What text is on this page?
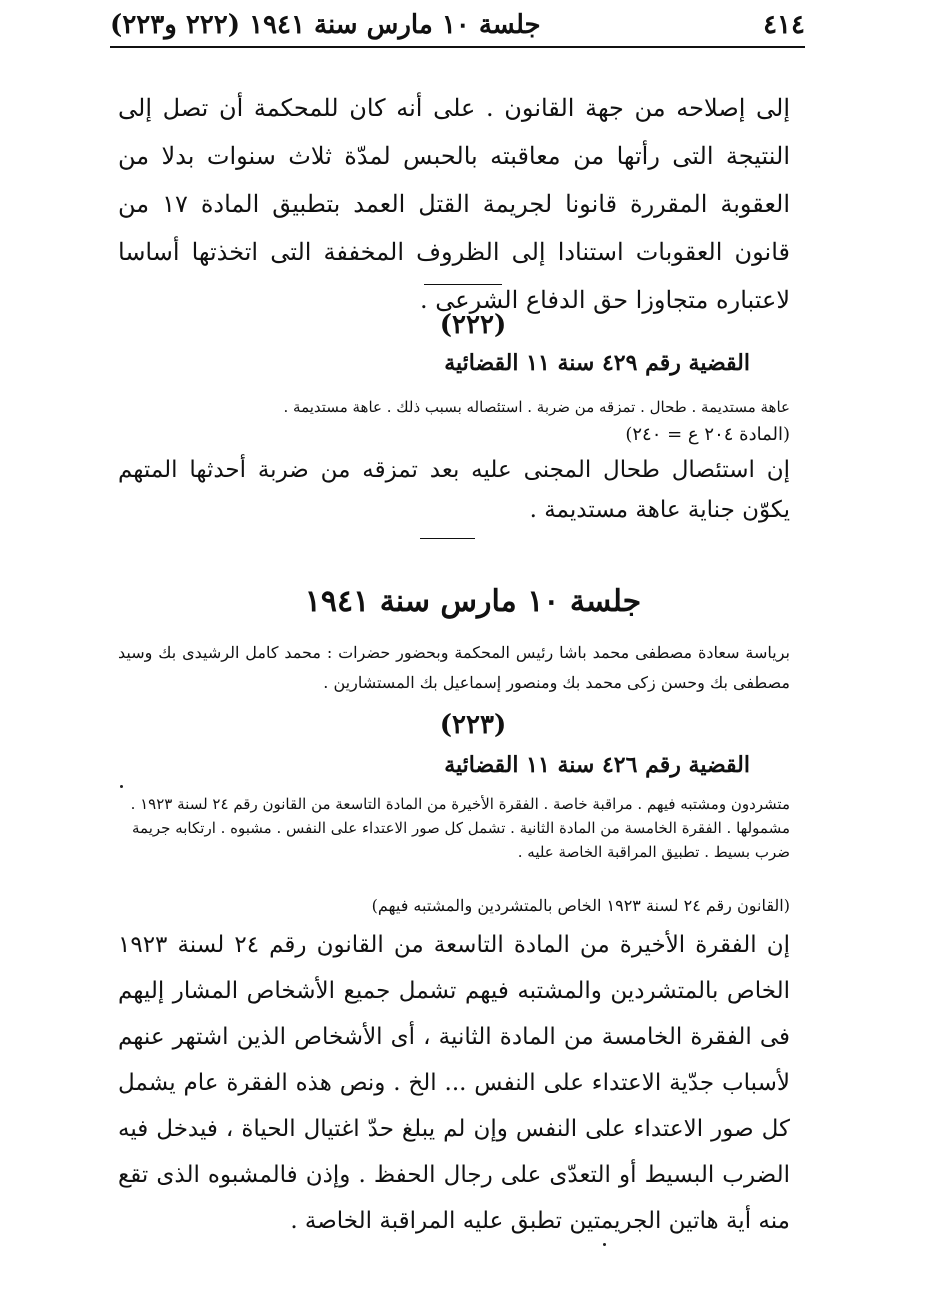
٤١٤
جلسة ١٠ مارس سنة ١٩٤١ (٢٢٢ و٢٢٣)
إلى إصلاحه من جهة القانون . على أنه كان للمحكمة أن تصل إلى النتيجة التى رأتها من معاقبته بالحبس لمدّة ثلاث سنوات بدلا من العقوبة المقررة قانونا لجريمة القتل العمد بتطبيق المادة ١٧ من قانون العقوبات استنادا إلى الظروف المخففة التى اتخذتها أساسا لاعتباره متجاوزا حق الدفاع الشرعى .
(٢٢٢)
القضية رقم ٤٢٩ سنة ١١ القضائية
عاهة مستديمة . طحال . تمزقه من ضربة . استئصاله بسبب ذلك . عاهة مستديمة .
(المادة ٢٠٤ ع = ٢٤٠)
إن استئصال طحال المجنى عليه بعد تمزقه من ضربة أحدثها المتهم يكوّن جناية عاهة مستديمة .
جلسة ١٠ مارس سنة ١٩٤١
برياسة سعادة مصطفى محمد باشا رئيس المحكمة وبحضور حضرات : محمد كامل الرشيدى بك وسيد مصطفى بك وحسن زكى محمد بك ومنصور إسماعيل بك المستشارين .
(٢٢٣)
القضية رقم ٤٢٦ سنة ١١ القضائية
متشردون ومشتبه فيهم . مراقبة خاصة . الفقرة الأخيرة من المادة التاسعة من القانون رقم ٢٤ لسنة ١٩٢٣ . مشمولها . الفقرة الخامسة من المادة الثانية . تشمل كل صور الاعتداء على النفس . مشبوه . ارتكابه جريمة ضرب بسيط . تطبيق المراقبة الخاصة عليه .
(القانون رقم ٢٤ لسنة ١٩٢٣ الخاص بالمتشردين والمشتبه فيهم)
إن الفقرة الأخيرة من المادة التاسعة من القانون رقم ٢٤ لسنة ١٩٢٣ الخاص بالمتشردين والمشتبه فيهم تشمل جميع الأشخاص المشار إليهم فى الفقرة الخامسة من المادة الثانية ، أى الأشخاص الذين اشتهر عنهم لأسباب جدّية الاعتداء على النفس ... الخ . ونص هذه الفقرة عام يشمل كل صور الاعتداء على النفس وإن لم يبلغ حدّ اغتيال الحياة ، فيدخل فيه الضرب البسيط أو التعدّى على رجال الحفظ . وإذن فالمشبوه الذى تقع منه أية هاتين الجريمتين تطبق عليه المراقبة الخاصة .
